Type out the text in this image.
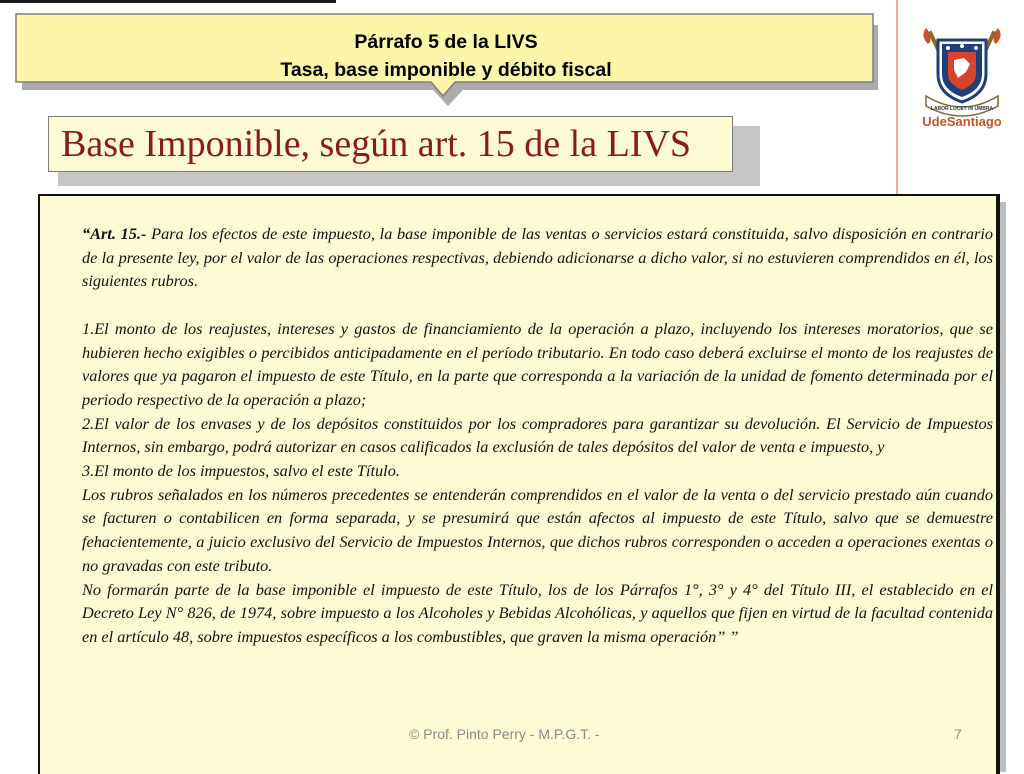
Párrafo 5 de la LIVS
Tasa, base imponible y débito fiscal
Base Imponible, según art. 15 de la LIVS

“Art. 15.- Para los efectos de este impuesto, la base imponible de las ventas o servicios estará constituida, salvo disposición en contrario de la presente ley, por el valor de las operaciones respectivas, debiendo adicionarse a dicho valor, si no estuvieren comprendidos en él, los siguientes rubros.

1.El monto de los reajustes, intereses y gastos de financiamiento de la operación a plazo, incluyendo los intereses moratorios, que se hubieren hecho exigibles o percibidos anticipadamente en el período tributario. En todo caso deberá excluirse el monto de los reajustes de valores que ya pagaron el impuesto de este Título, en la parte que corresponda a la variación de la unidad de fomento determinada por el periodo respectivo de la operación a plazo;

2.El valor de los envases y de los depósitos constituidos por los compradores para garantizar su devolución. El Servicio de Impuestos Internos, sin embargo, podrá autorizar en casos calificados la exclusión de tales depósitos del valor de venta e impuesto, y

3.El monto de los impuestos, salvo el este Título.

Los rubros señalados en los números precedentes se entenderán comprendidos en el valor de la venta o del servicio prestado aún cuando se facturen o contabilicen en forma separada, y se presumirá que están afectos al impuesto de este Título, salvo que se demuestre fehacientemente, a juicio exclusivo del Servicio de Impuestos Internos, que dichos rubros corresponden o acceden a operaciones exentas o no gravadas con este tributo.

No formarán parte de la base imponible el impuesto de este Título, los de los Párrafos 1°, 3° y 4° del Título III, el establecido en el Decreto Ley N° 826, de 1974, sobre impuesto a los Alcoholes y Bebidas Alcohólicas, y aquellos que fijen en virtud de la facultad contenida en el artículo 48, sobre impuestos específicos a los combustibles, que graven la misma operación” ”

© Prof. Pinto Perry - M.P.G.T. -	7
LABOR LUCET IN UMBRA
UdeSantiago
